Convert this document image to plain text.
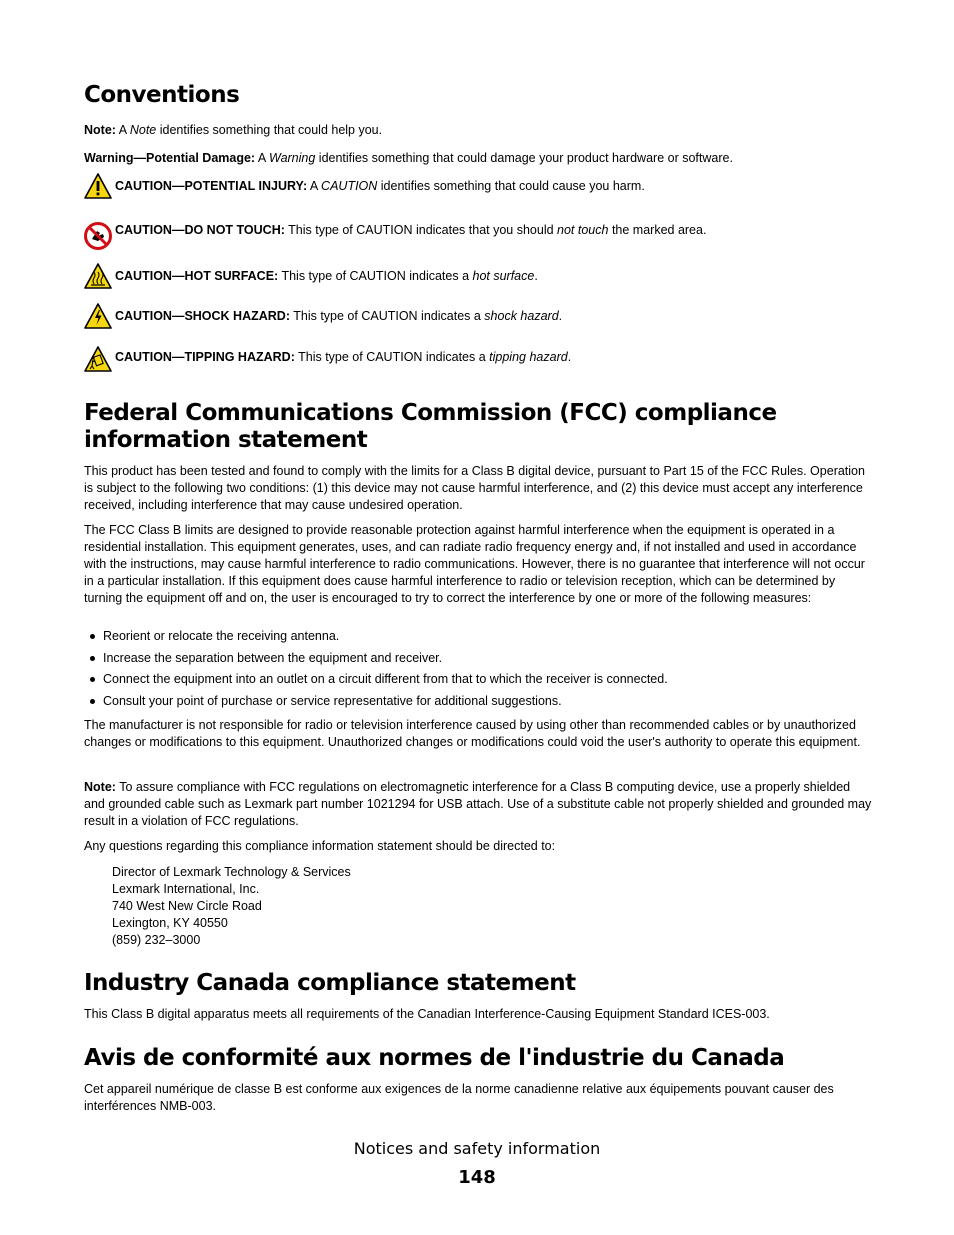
Conventions

Note: A Note identifies something that could help you.

Warning—Potential Damage: A Warning identifies something that could damage your product hardware or software.

CAUTION—POTENTIAL INJURY: A CAUTION identifies something that could cause you harm.

CAUTION—DO NOT TOUCH: This type of CAUTION indicates that you should not touch the marked area.

CAUTION—HOT SURFACE: This type of CAUTION indicates a hot surface.

CAUTION—SHOCK HAZARD: This type of CAUTION indicates a shock hazard.

CAUTION—TIPPING HAZARD: This type of CAUTION indicates a tipping hazard.

Federal Communications Commission (FCC) compliance information statement

This product has been tested and found to comply with the limits for a Class B digital device, pursuant to Part 15 of the FCC Rules. Operation is subject to the following two conditions: (1) this device may not cause harmful interference, and (2) this device must accept any interference received, including interference that may cause undesired operation.

The FCC Class B limits are designed to provide reasonable protection against harmful interference when the equipment is operated in a residential installation. This equipment generates, uses, and can radiate radio frequency energy and, if not installed and used in accordance with the instructions, may cause harmful interference to radio communications. However, there is no guarantee that interference will not occur in a particular installation. If this equipment does cause harmful interference to radio or television reception, which can be determined by turning the equipment off and on, the user is encouraged to try to correct the interference by one or more of the following measures:

Reorient or relocate the receiving antenna.
Increase the separation between the equipment and receiver.
Connect the equipment into an outlet on a circuit different from that to which the receiver is connected.
Consult your point of purchase or service representative for additional suggestions.

The manufacturer is not responsible for radio or television interference caused by using other than recommended cables or by unauthorized changes or modifications to this equipment. Unauthorized changes or modifications could void the user's authority to operate this equipment.

Note: To assure compliance with FCC regulations on electromagnetic interference for a Class B computing device, use a properly shielded and grounded cable such as Lexmark part number 1021294 for USB attach. Use of a substitute cable not properly shielded and grounded may result in a violation of FCC regulations.

Any questions regarding this compliance information statement should be directed to:

Director of Lexmark Technology & Services

Lexmark International, Inc.

740 West New Circle Road

Lexington, KY 40550

(859) 232–3000

Industry Canada compliance statement

This Class B digital apparatus meets all requirements of the Canadian Interference-Causing Equipment Standard ICES-003.

Avis de conformité aux normes de l'industrie du Canada

Cet appareil numérique de classe B est conforme aux exigences de la norme canadienne relative aux équipements pouvant causer des interférences NMB-003.

Notices and safety information
148
